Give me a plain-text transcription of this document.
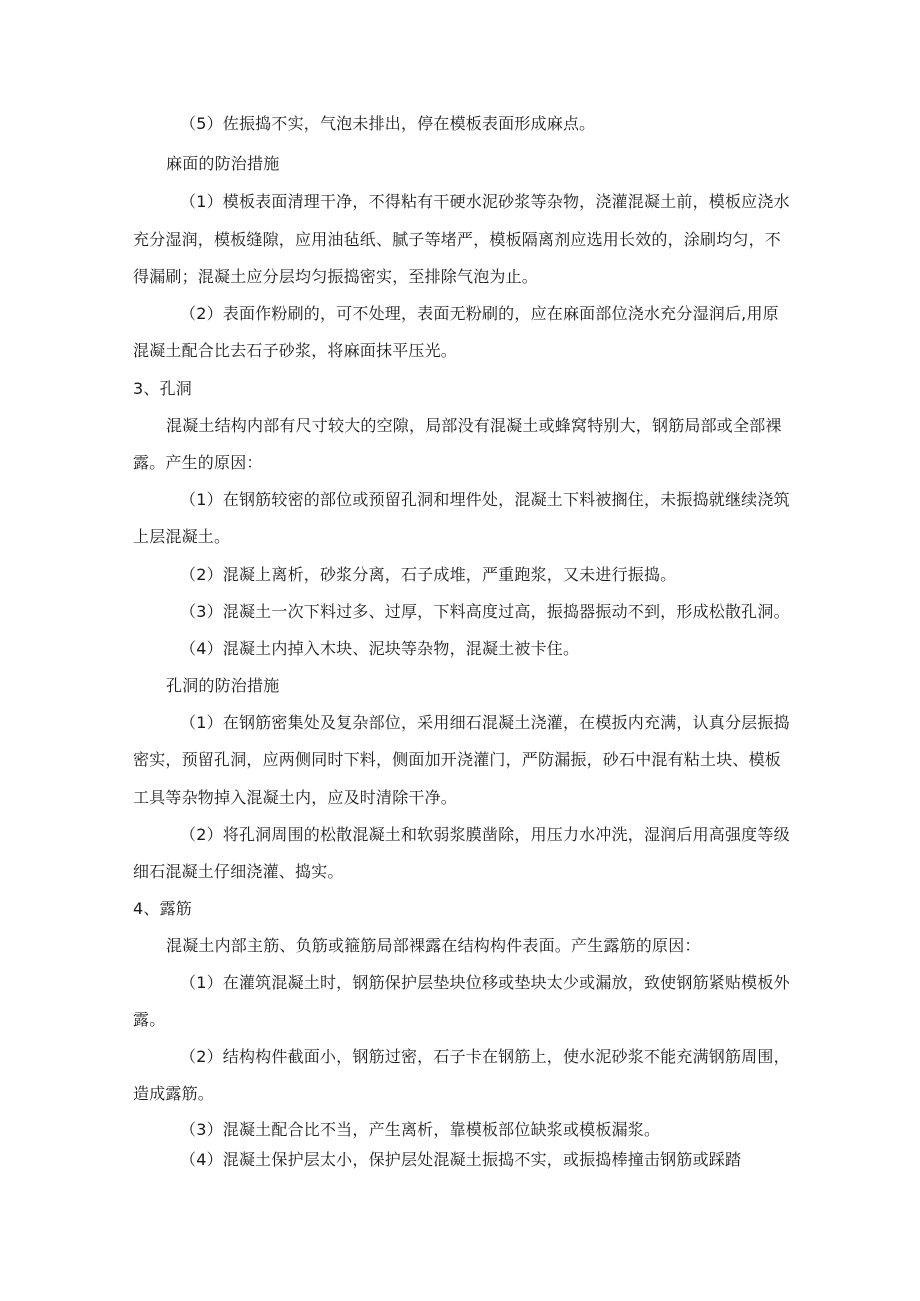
（5）佐振捣不实，气泡未排出，停在模板表面形成麻点。
麻面的防治措施
（1）模板表面清理干净，不得粘有干硬水泥砂浆等杂物，浇灌混凝土前，模板应浇水
充分湿润，模板缝隙，应用油毡纸、腻子等堵严，模板隔离剂应选用长效的，涂刷均匀，不
得漏刷；混凝土应分层均匀振捣密实，至排除气泡为止。
（2）表面作粉刷的，可不处理，表面无粉刷的，应在麻面部位浇水充分湿润后,用原
混凝土配合比去石子砂浆，将麻面抹平压光。
3、孔洞
混凝土结构内部有尺寸较大的空隙，局部没有混凝土或蜂窝特别大，钢筋局部或全部裸
露。产生的原因：
（1）在钢筋较密的部位或预留孔洞和埋件处，混凝土下料被搁住，未振捣就继续浇筑
上层混凝土。
（2）混凝上离析，砂浆分离，石子成堆，严重跑浆，又未进行振捣。
（3）混凝土一次下料过多、过厚，下料高度过高，振捣器振动不到，形成松散孔洞。
（4）混凝土内掉入木块、泥块等杂物，混凝土被卡住。
孔洞的防治措施
（1）在钢筋密集处及复杂部位，采用细石混凝土浇灌，在模扳内充满，认真分层振捣
密实，预留孔洞，应两侧同时下料，侧面加开浇灌门，严防漏振，砂石中混有粘土块、模板
工具等杂物掉入混凝土内，应及时清除干净。
（2）将孔洞周围的松散混凝土和软弱浆膜凿除，用压力水冲洗，湿润后用高强度等级
细石混凝土仔细浇灌、捣实。
4、露筋
混凝土内部主筋、负筋或箍筋局部裸露在结构构件表面。产生露筋的原因：
（1）在灌筑混凝土时，钢筋保护层垫块位移或垫块太少或漏放，致使钢筋紧贴模板外
露。
（2）结构构件截面小，钢筋过密，石子卡在钢筋上，使水泥砂浆不能充满钢筋周围，
造成露筋。
（3）混凝土配合比不当，产生离析，靠模板部位缺浆或模板漏浆。
（4）混凝土保护层太小，保护层处混凝土振捣不实，或振捣棒撞击钢筋或踩踏
